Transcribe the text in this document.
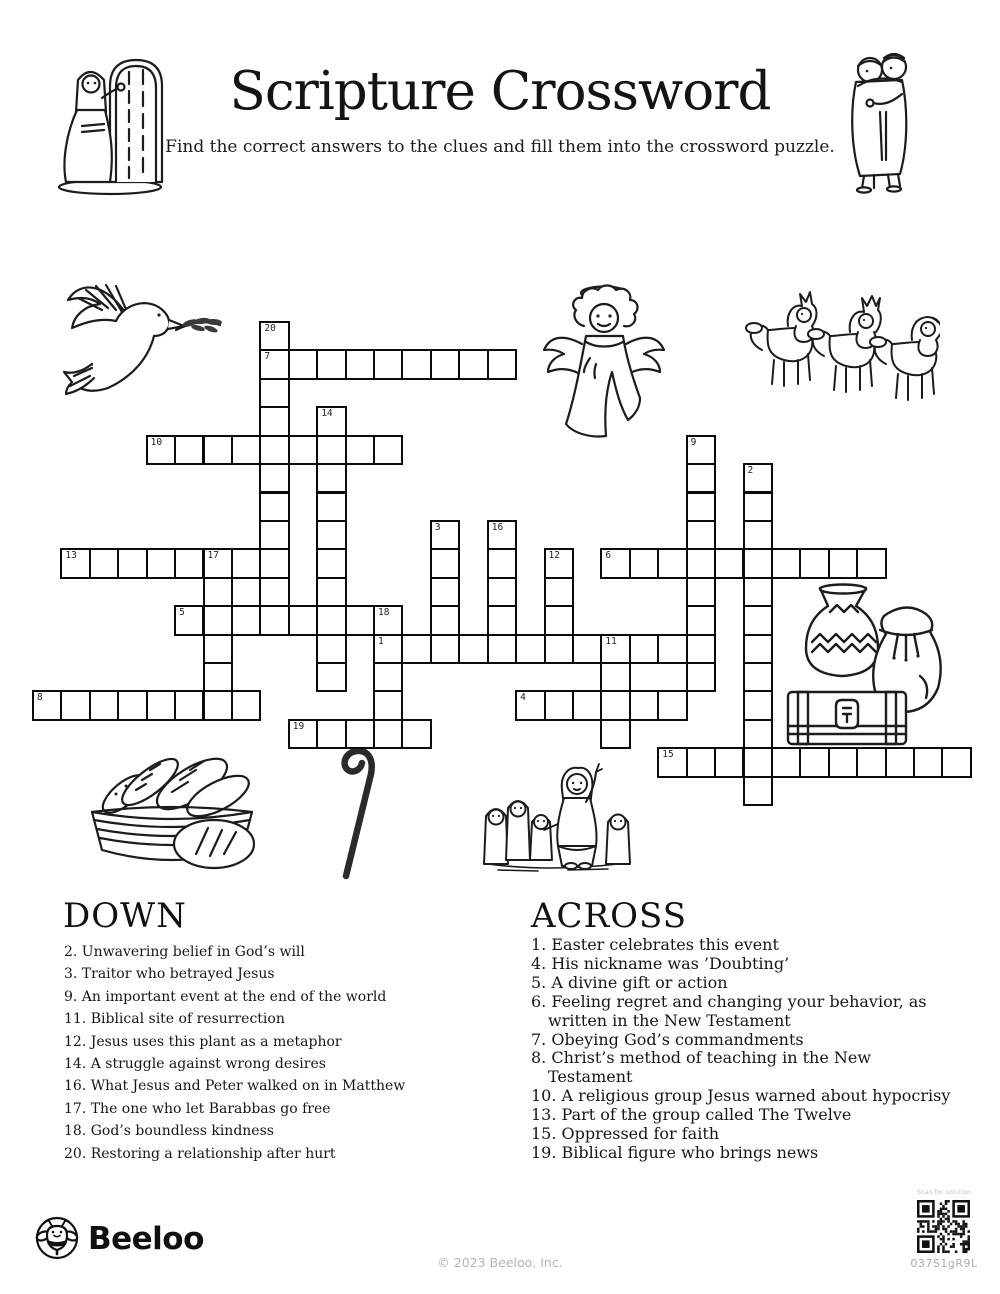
Scripture Crossword
Find the correct answers to the clues and fill them into the crossword puzzle.
20
7
14
10	9
2
3	16
13	17	12	6
5	18
1	11
8	4
19
15
DOWN
2. Unwavering belief in God’s will
3. Traitor who betrayed Jesus
9. An important event at the end of the world
11. Biblical site of resurrection
12. Jesus uses this plant as a metaphor
14. A struggle against wrong desires
16. What Jesus and Peter walked on in Matthew
17. The one who let Barabbas go free
18. God’s boundless kindness
20. Restoring a relationship after hurt
ACROSS
1. Easter celebrates this event
4. His nickname was ’Doubting’
5. A divine gift or action
6. Feeling regret and changing your behavior, as
written in the New Testament
7. Obeying God’s commandments
8. Christ’s method of teaching in the New
Testament
10. A religious group Jesus warned about hypocrisy
13. Part of the group called The Twelve
15. Oppressed for faith
19. Biblical figure who brings news
Beeloo
© 2023 Beeloo, Inc.
Scan for solution
037S1gR9L
